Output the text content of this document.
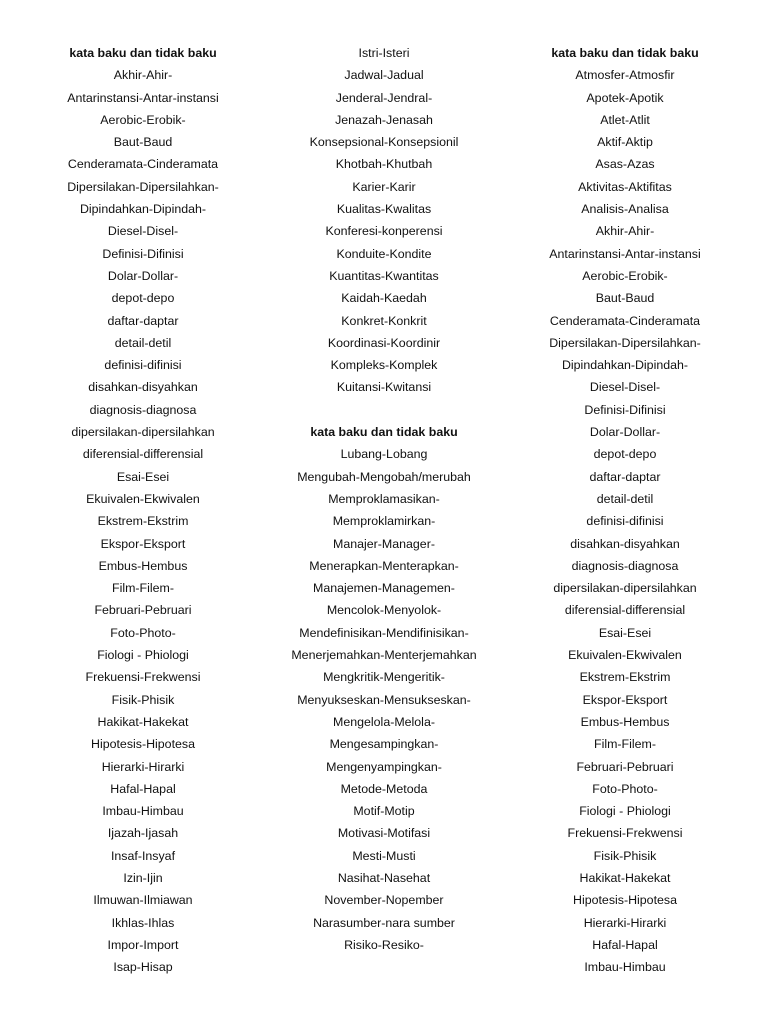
kata baku dan tidak baku
Akhir-Ahir-
Antarinstansi-Antar-instansi
Aerobic-Erobik-
Baut-Baud
Cenderamata-Cinderamata
Dipersilakan-Dipersilahkan-
Dipindahkan-Dipindah-
Diesel-Disel-
Definisi-Difinisi
Dolar-Dollar-
depot-depo
daftar-daptar
detail-detil
definisi-difinisi
disahkan-disyahkan
diagnosis-diagnosa
dipersilakan-dipersilahkan
diferensial-differensial
Esai-Esei
Ekuivalen-Ekwivalen
Ekstrem-Ekstrim
Ekspor-Eksport
Embus-Hembus
Film-Filem-
Februari-Pebruari
Foto-Photo-
Fiologi - Phiologi
Frekuensi-Frekwensi
Fisik-Phisik
Hakikat-Hakekat
Hipotesis-Hipotesa
Hierarki-Hirarki
Hafal-Hapal
Imbau-Himbau
Ijazah-Ijasah
Insaf-Insyaf
Izin-Ijin
Ilmuwan-Ilmiawan
Ikhlas-Ihlas
Impor-Import
Isap-Hisap
Istri-Isteri
Jadwal-Jadual
Jenderal-Jendral-
Jenazah-Jenasah
Konsepsional-Konsepsionil
Khotbah-Khutbah
Karier-Karir
Kualitas-Kwalitas
Konferesi-konperensi
Konduite-Kondite
Kuantitas-Kwantitas
Kaidah-Kaedah
Konkret-Konkrit
Koordinasi-Koordinir
Kompleks-Komplek
Kuitansi-Kwitansi
kata baku dan tidak baku
Lubang-Lobang
Mengubah-Mengobah/merubah
Memproklamasikan-
Memproklamirkan-
Manajer-Manager-
Menerapkan-Menterapkan-
Manajemen-Managemen-
Mencolok-Menyolok-
Mendefinisikan-Mendifinisikan-
Menerjemahkan-Menterjemahkan
Mengkritik-Mengeritik-
Menyukseskan-Mensukseskan-
Mengelola-Melola-
Mengesampingkan-
Mengenyampingkan-
Metode-Metoda
Motif-Motip
Motivasi-Motifasi
Mesti-Musti
Nasihat-Nasehat
November-Nopember
Narasumber-nara sumber
Risiko-Resiko-
kata baku dan tidak baku
Atmosfer-Atmosfir
Apotek-Apotik
Atlet-Atlit
Aktif-Aktip
Asas-Azas
Aktivitas-Aktifitas
Analisis-Analisa
Akhir-Ahir-
Antarinstansi-Antar-instansi
Aerobic-Erobik-
Baut-Baud
Cenderamata-Cinderamata
Dipersilakan-Dipersilahkan-
Dipindahkan-Dipindah-
Diesel-Disel-
Definisi-Difinisi
Dolar-Dollar-
depot-depo
daftar-daptar
detail-detil
definisi-difinisi
disahkan-disyahkan
diagnosis-diagnosa
dipersilakan-dipersilahkan
diferensial-differensial
Esai-Esei
Ekuivalen-Ekwivalen
Ekstrem-Ekstrim
Ekspor-Eksport
Embus-Hembus
Film-Filem-
Februari-Pebruari
Foto-Photo-
Fiologi - Phiologi
Frekuensi-Frekwensi
Fisik-Phisik
Hakikat-Hakekat
Hipotesis-Hipotesa
Hierarki-Hirarki
Hafal-Hapal
Imbau-Himbau
